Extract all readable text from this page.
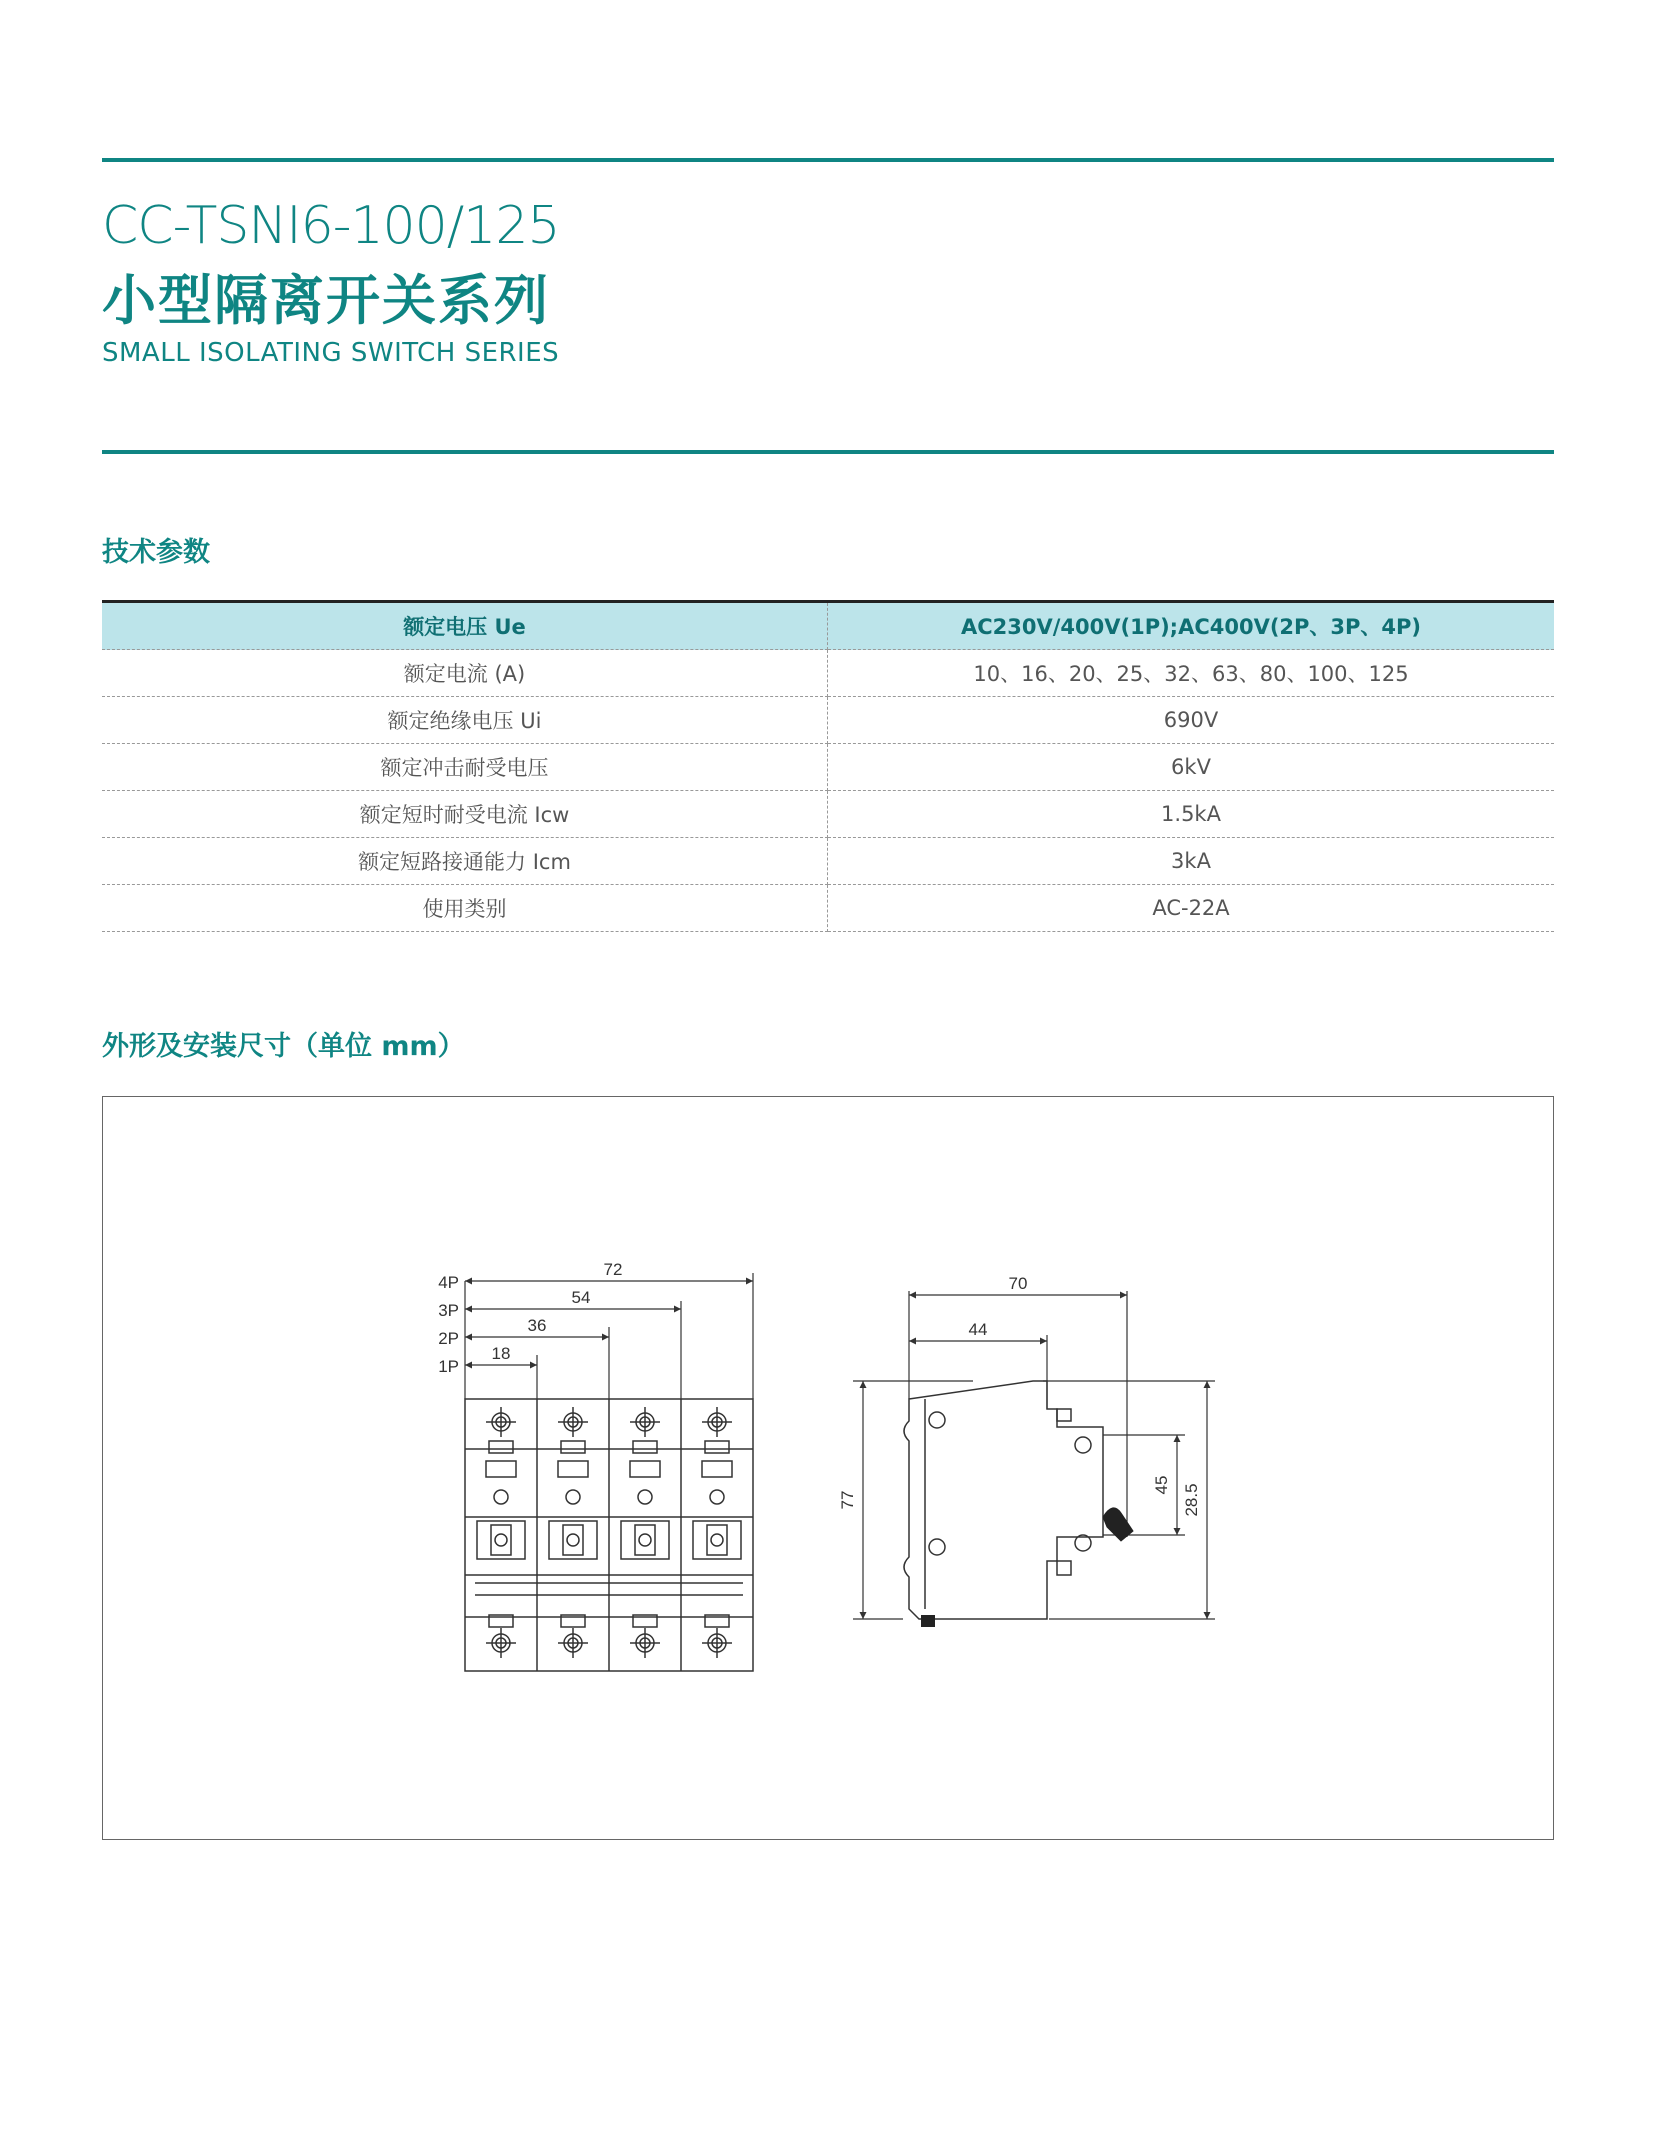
CC-TSNI6-100/125
小型隔离开关系列
SMALL ISOLATING SWITCH SERIES
技术参数
额定电压 Ue	AC230V/400V(1P);AC400V(2P、3P、4P)
额定电流 (A)	10、16、20、25、32、63、80、100、125
额定绝缘电压 Ui	690V
额定冲击耐受电压	6kV
额定短时耐受电流 Icw	1.5kA
额定短路接通能力 Icm	3kA
使用类别	AC-22A
外形及安装尺寸（单位 mm）
4P
3P
2P
1P
72
54
36
18
70
44
77
45 28.5
